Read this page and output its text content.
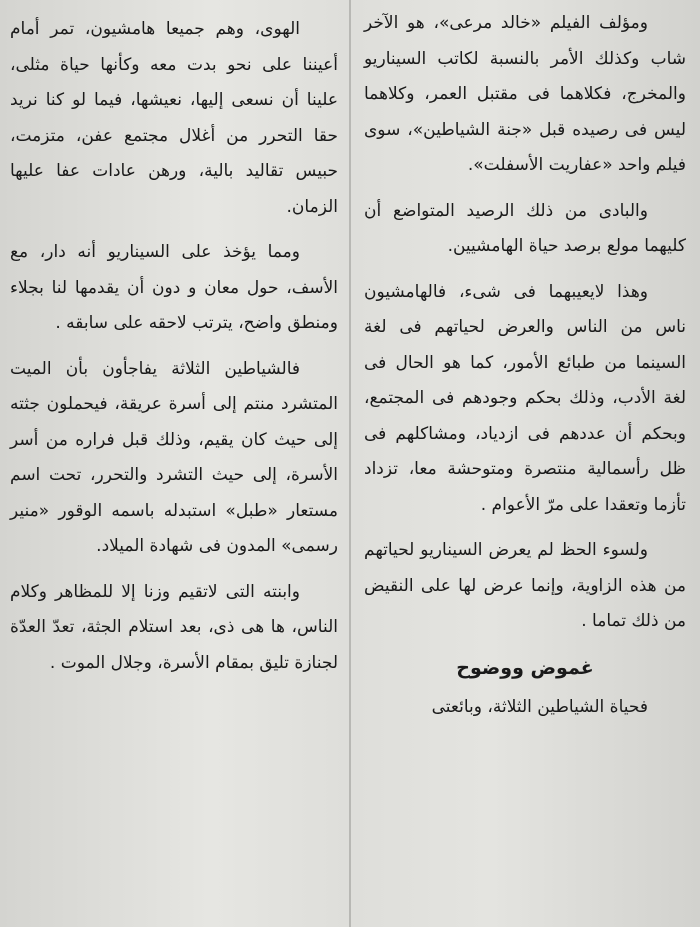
ومؤلف الفيلم «خالد مرعى»، هو الآخر شاب وكذلك الأمر بالنسبة لكاتب السيناريو والمخرج، فكلاهما فى مقتبل العمر، وكلاهما ليس فى رصيده قبل «جنة الشياطين»، سوى فيلم واحد «عفاريت الأسفلت».

والبادى من ذلك الرصيد المتواضع أن كليهما مولع برصد حياة الهامشيين.

وهذا لايعيبهما فى شىء، فالهامشيون ناس من الناس والعرض لحياتهم فى لغة السينما من طبائع الأمور، كما هو الحال فى لغة الأدب، وذلك بحكم وجودهم فى المجتمع، وبحكم أن عددهم فى ازدياد، ومشاكلهم فى ظل رأسمالية منتصرة ومتوحشة معا، تزداد تأزما وتعقدا على مرّ الأعوام .

ولسوء الحظ لم يعرض السيناريو لحياتهم من هذه الزاوية، وإنما عرض لها على النقيض من ذلك تماما .

غموض ووضوح

فحياة الشياطين الثلاثة، وبائعتى

الهوى، وهم جميعا هامشيون، تمر أمام أعيننا على نحو بدت معه وكأنها حياة مثلى، علينا أن نسعى إليها، نعيشها، فيما لو كنا نريد حقا التحرر من أغلال مجتمع عفن، متزمت، حبيس تقاليد بالية، ورهن عادات عفا عليها الزمان.

ومما يؤخذ على السيناريو أنه دار، مع الأسف، حول معان و دون أن يقدمها لنا بجلاء ومنطق واضح، يترتب لاحقه على سابقه .

فالشياطين الثلاثة يفاجأون بأن الميت المتشرد منتم إلى أسرة عريقة، فيحملون جثته إلى حيث كان يقيم، وذلك قبل فراره من أسر الأسرة، إلى حيث التشرد والتحرر، تحت اسم مستعار «طبل» استبدله باسمه الوقور «منير رسمى» المدون فى شهادة الميلاد.

وابنته التى لاتقيم وزنا إلا للمظاهر وكلام الناس، ها هى ذى، بعد استلام الجثة، تعدّ العدّة لجنازة تليق بمقام الأسرة، وجلال الموت .
